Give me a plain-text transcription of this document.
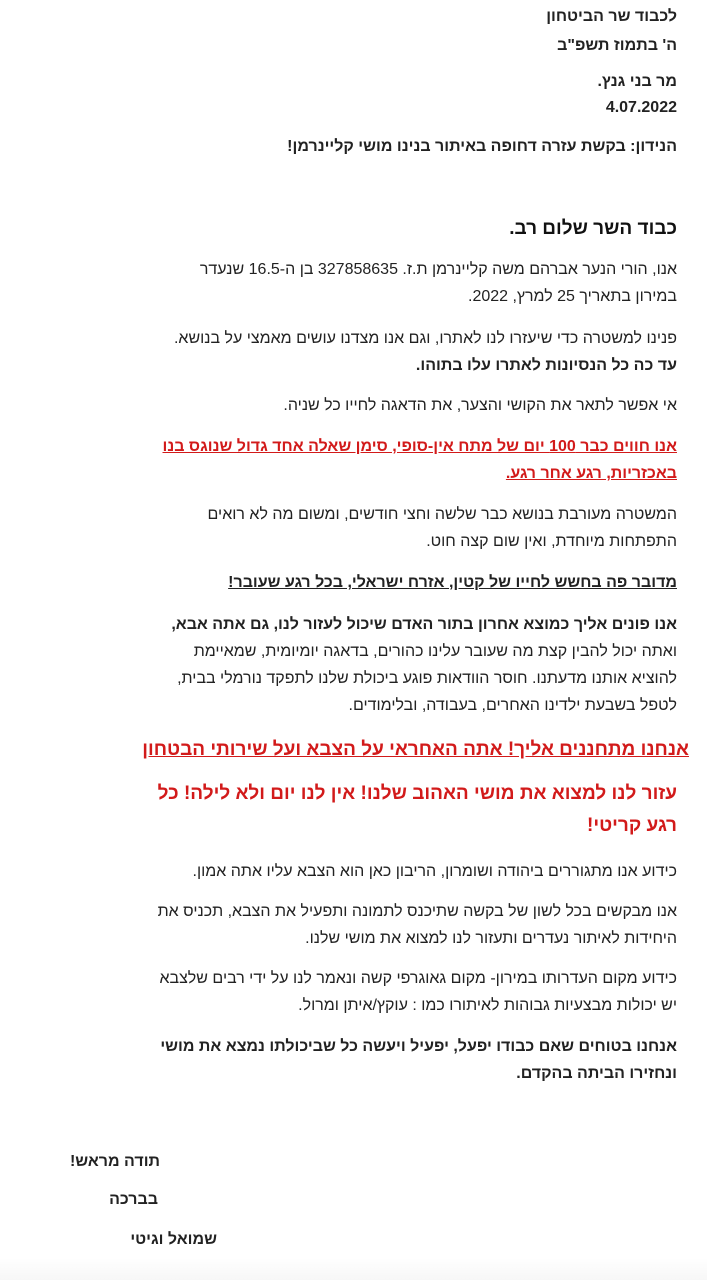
לכבוד שר הביטחון
ה' בתמוז תשפ"ב
מר בני גנץ.
4.07.2022
הנידון: בקשת עזרה דחופה באיתור בנינו מושי קליינרמן!
כבוד השר שלום רב.
אנו, הורי הנער אברהם משה קליינרמן ת.ז. 327858635 בן ה-16.5 שנעדר
במירון בתאריך 25 למרץ, 2022.
פנינו למשטרה כדי שיעזרו לנו לאתרו, וגם אנו מצדנו עושים מאמצי על בנושא.
עד כה כל הנסיונות לאתרו עלו בתוהו.
אי אפשר לתאר את הקושי והצער, את הדאגה לחייו כל שניה.
אנו חווים כבר 100 יום של מתח אין-סופי, סימן שאלה אחד גדול שנוגס בנו
באכזריות, רגע אחר רגע.
המשטרה מעורבת בנושא כבר שלשה וחצי חודשים, ומשום מה לא רואים
התפתחות מיוחדת, ואין שום קצה חוט.
מדובר פה בחשש לחייו של קטין, אזרח ישראלי, בכל רגע שעובר!
אנו פונים אליך כמוצא אחרון בתור האדם שיכול לעזור לנו, גם אתה אבא,
ואתה יכול להבין קצת מה שעובר עלינו כהורים, בדאגה יומיומית, שמאיימת
להוציא אותנו מדעתנו. חוסר הוודאות פוגע ביכולת שלנו לתפקד נורמלי בבית,
לטפל בשבעת ילדינו האחרים, בעבודה, ובלימודים.
אנחנו מתחננים אליך! אתה האחראי על הצבא ועל שירותי הבטחון
עזור לנו למצוא את מושי האהוב שלנו! אין לנו יום ולא לילה! כל
רגע קריטי!
כידוע אנו מתגוררים ביהודה ושומרון, הריבון כאן הוא הצבא עליו אתה אמון.
אנו מבקשים בכל לשון של בקשה שתיכנס לתמונה ותפעיל את הצבא, תכניס את
היחידות לאיתור נעדרים ותעזור לנו למצוא את מושי שלנו.
כידוע מקום העדרותו במירון- מקום גאוגרפי קשה ונאמר לנו על ידי רבים שלצבא
יש יכולות מבצעיות גבוהות לאיתורו כמו : עוקץ/איתן ומרול.
אנחנו בטוחים שאם כבודו יפעל, יפעיל ויעשה כל שביכולתו נמצא את מושי
ונחזירו הביתה בהקדם.
תודה מראש!
בברכה
שמואל וגיטי
